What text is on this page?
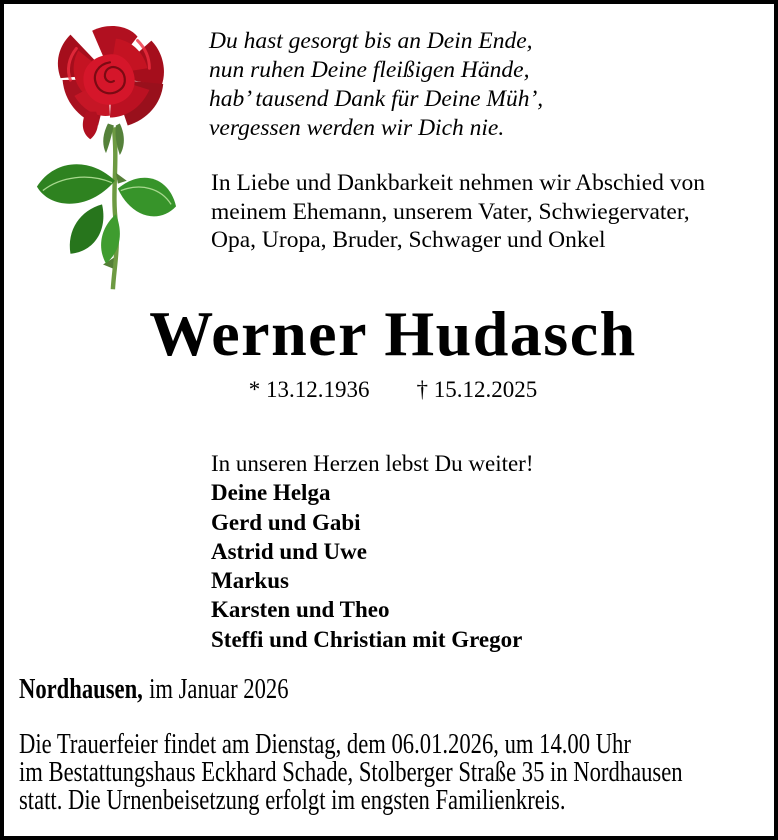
Du hast gesorgt bis an Dein Ende,
nun ruhen Deine fleißigen Hände,
hab’ tausend Dank für Deine Müh’,
vergessen werden wir Dich nie.
In Liebe und Dankbarkeit nehmen wir Abschied von
meinem Ehemann, unserem Vater, Schwiegervater,
Opa, Uropa, Bruder, Schwager und Onkel
Werner Hudasch
* 13.12.1936 † 15.12.2025
In unseren Herzen lebst Du weiter!
Deine Helga
Gerd und Gabi
Astrid und Uwe
Markus
Karsten und Theo
Steffi und Christian mit Gregor
Nordhausen, im Januar 2026
Die Trauerfeier findet am Dienstag, dem 06.01.2026, um 14.00 Uhr
im Bestattungshaus Eckhard Schade, Stolberger Straße 35 in Nordhausen
statt. Die Urnenbeisetzung erfolgt im engsten Familienkreis.
